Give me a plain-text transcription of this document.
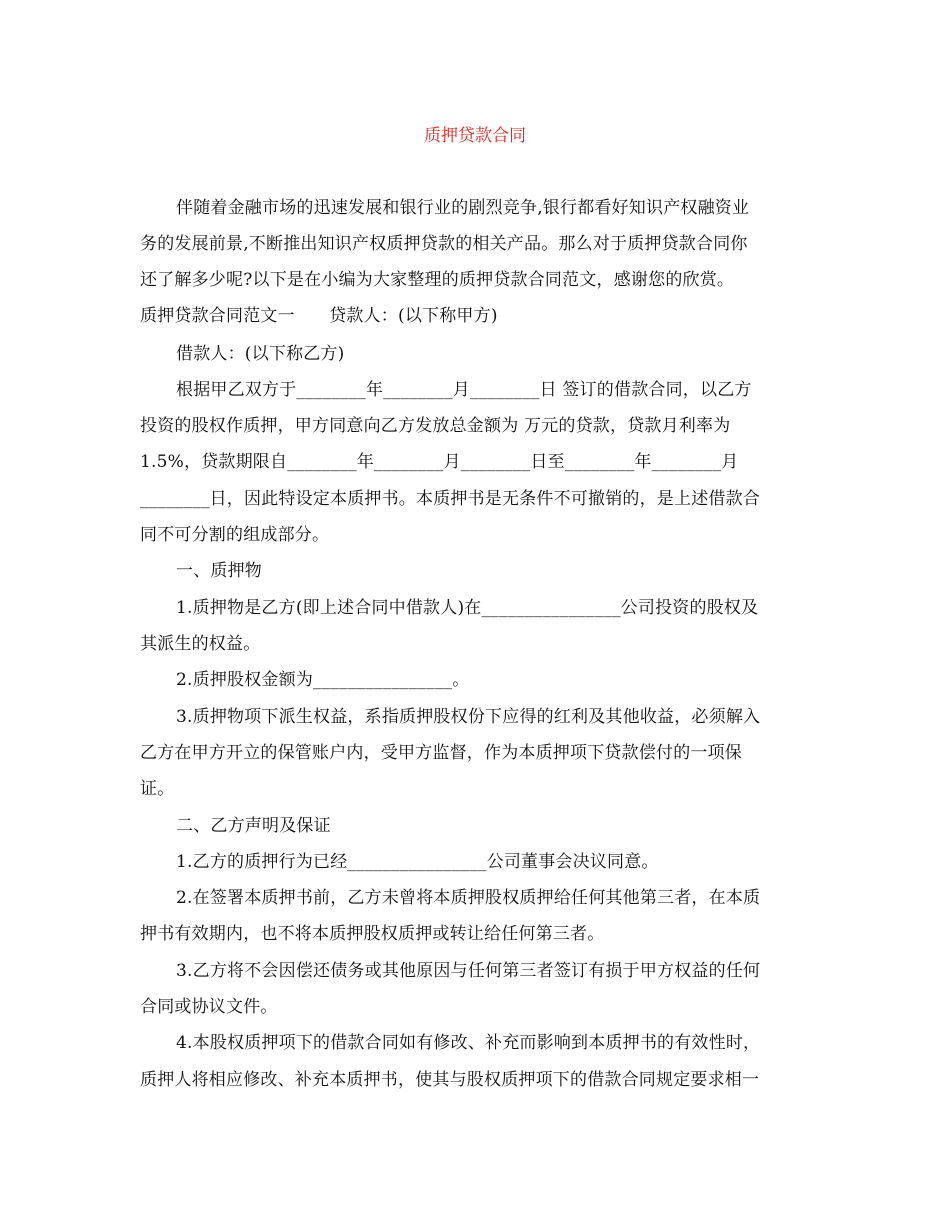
质押贷款合同
伴随着金融市场的迅速发展和银行业的剧烈竞争,银行都看好知识产权融资业
务的发展前景,不断推出知识产权质押贷款的相关产品。那么对于质押贷款合同你
还了解多少呢?以下是在小编为大家整理的质押贷款合同范文，感谢您的欣赏。
质押贷款合同范文一　　贷款人：(以下称甲方)
借款人：(以下称乙方)
根据甲乙双方于________年________月________日 签订的借款合同，以乙方
投资的股权作质押，甲方同意向乙方发放总金额为 万元的贷款，贷款月利率为
1.5%，贷款期限自________年________月________日至________年________月
________日，因此特设定本质押书。本质押书是无条件不可撤销的，是上述借款合
同不可分割的组成部分。
一、质押物
1.质押物是乙方(即上述合同中借款人)在________________公司投资的股权及
其派生的权益。
2.质押股权金额为________________。
3.质押物项下派生权益，系指质押股权份下应得的红利及其他收益，必须解入
乙方在甲方开立的保管账户内，受甲方监督，作为本质押项下贷款偿付的一项保
证。
二、乙方声明及保证
1.乙方的质押行为已经________________公司董事会决议同意。
2.在签署本质押书前，乙方未曾将本质押股权质押给任何其他第三者，在本质
押书有效期内，也不将本质押股权质押或转让给任何第三者。
3.乙方将不会因偿还债务或其他原因与任何第三者签订有损于甲方权益的任何
合同或协议文件。
4.本股权质押项下的借款合同如有修改、补充而影响到本质押书的有效性时，
质押人将相应修改、补充本质押书，使其与股权质押项下的借款合同规定要求相一
